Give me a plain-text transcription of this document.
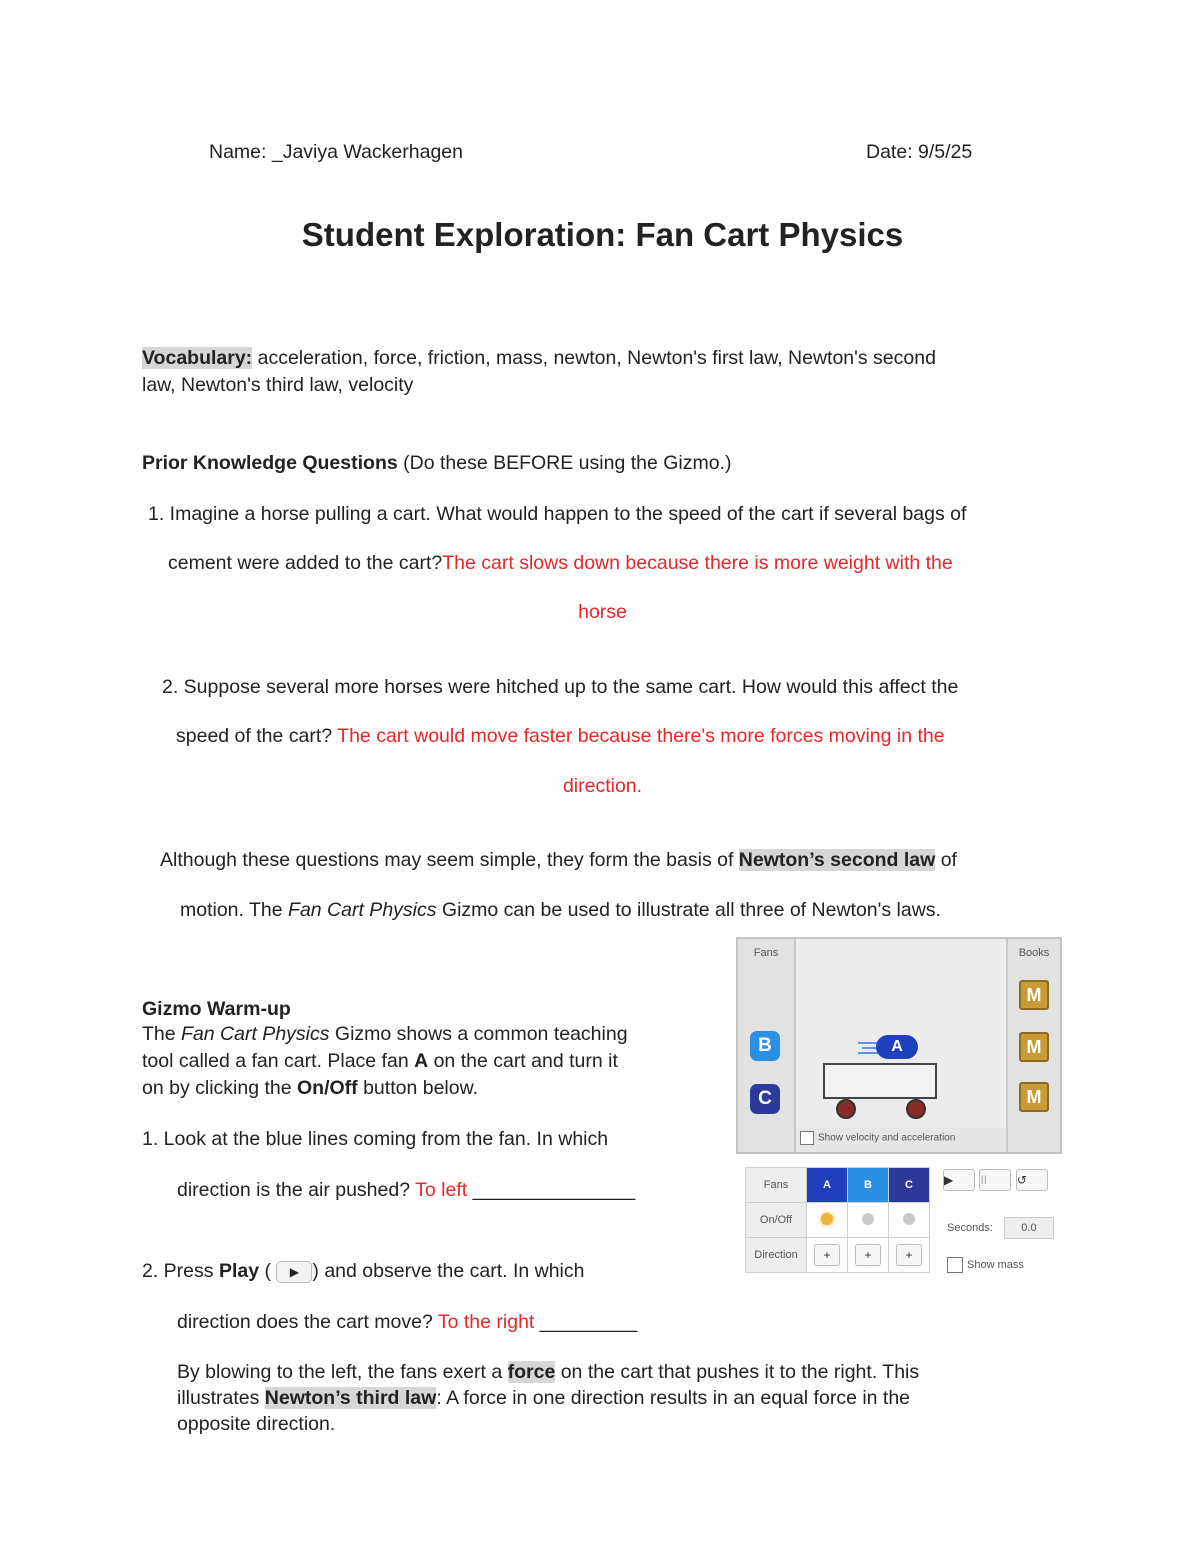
Name: _Javiya Wackerhagen	Date: 9/5/25
Student Exploration: Fan Cart Physics
Vocabulary: acceleration, force, friction, mass, newton, Newton's first law, Newton's second
law, Newton's third law, velocity
Prior Knowledge Questions (Do these BEFORE using the Gizmo.)
1. Imagine a horse pulling a cart. What would happen to the speed of the cart if several bags of
cement were added to the cart?The cart slows down because there is more weight with the
horse
2. Suppose several more horses were hitched up to the same cart. How would this affect the
speed of the cart? The cart would move faster because there's more forces moving in the
direction.
Although these questions may seem simple, they form the basis of Newton’s second law of
motion. The Fan Cart Physics Gizmo can be used to illustrate all three of Newton's laws.
Gizmo Warm-up
The Fan Cart Physics Gizmo shows a common teaching
tool called a fan cart. Place fan A on the cart and turn it
on by clicking the On/Off button below.
1. Look at the blue lines coming from the fan. In which
direction is the air pushed? To left _______________
2. Press Play ( ▶ ) and observe the cart. In which
direction does the cart move? To the right _________
By blowing to the left, the fans exert a force on the cart that pushes it to the right. This
illustrates Newton’s third law: A force in one direction results in an equal force in the
opposite direction.
Fans
B
C
A
Show velocity and acceleration
Books
M
M
M
Fans	A	B	C
On/Off			
Direction	+	+	+
▶ II ↺
Seconds:	0.0
Show mass
